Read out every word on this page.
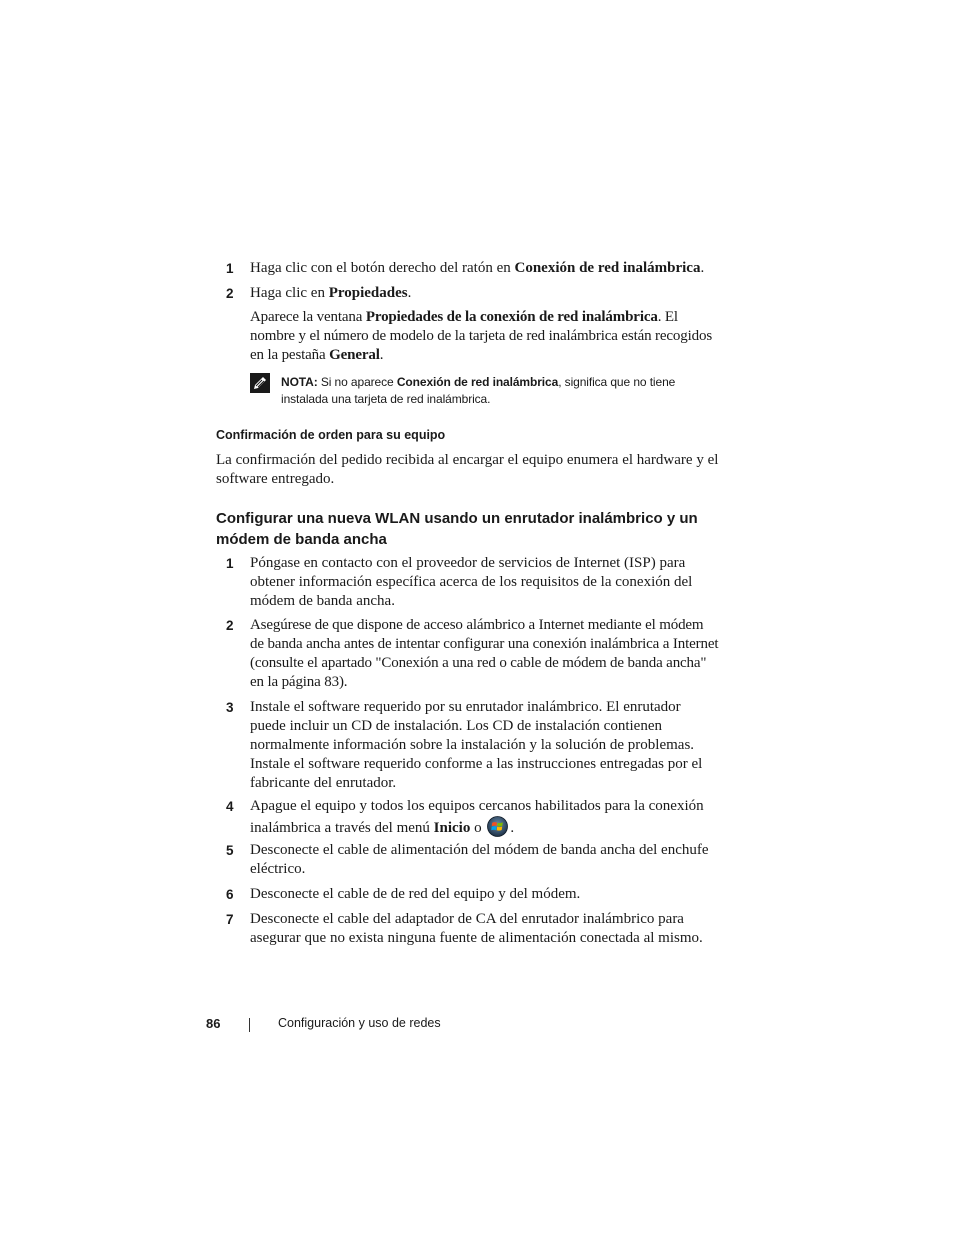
1 Haga clic con el botón derecho del ratón en Conexión de red inalámbrica.
2 Haga clic en Propiedades.
Aparece la ventana Propiedades de la conexión de red inalámbrica. El nombre y el número de modelo de la tarjeta de red inalámbrica están recogidos en la pestaña General.
NOTA: Si no aparece Conexión de red inalámbrica, significa que no tiene instalada una tarjeta de red inalámbrica.
Confirmación de orden para su equipo
La confirmación del pedido recibida al encargar el equipo enumera el hardware y el software entregado.
Configurar una nueva WLAN usando un enrutador inalámbrico y un módem de banda ancha
1 Póngase en contacto con el proveedor de servicios de Internet (ISP) para obtener información específica acerca de los requisitos de la conexión del módem de banda ancha.
2 Asegúrese de que dispone de acceso alámbrico a Internet mediante el módem de banda ancha antes de intentar configurar una conexión inalámbrica a Internet (consulte el apartado "Conexión a una red o cable de módem de banda ancha" en la página 83).
3 Instale el software requerido por su enrutador inalámbrico. El enrutador puede incluir un CD de instalación. Los CD de instalación contienen normalmente información sobre la instalación y la solución de problemas. Instale el software requerido conforme a las instrucciones entregadas por el fabricante del enrutador.
4 Apague el equipo y todos los equipos cercanos habilitados para la conexión inalámbrica a través del menú Inicio o .
5 Desconecte el cable de alimentación del módem de banda ancha del enchufe eléctrico.
6 Desconecte el cable de de red del equipo y del módem.
7 Desconecte el cable del adaptador de CA del enrutador inalámbrico para asegurar que no exista ninguna fuente de alimentación conectada al mismo.
86	Configuración y uso de redes
